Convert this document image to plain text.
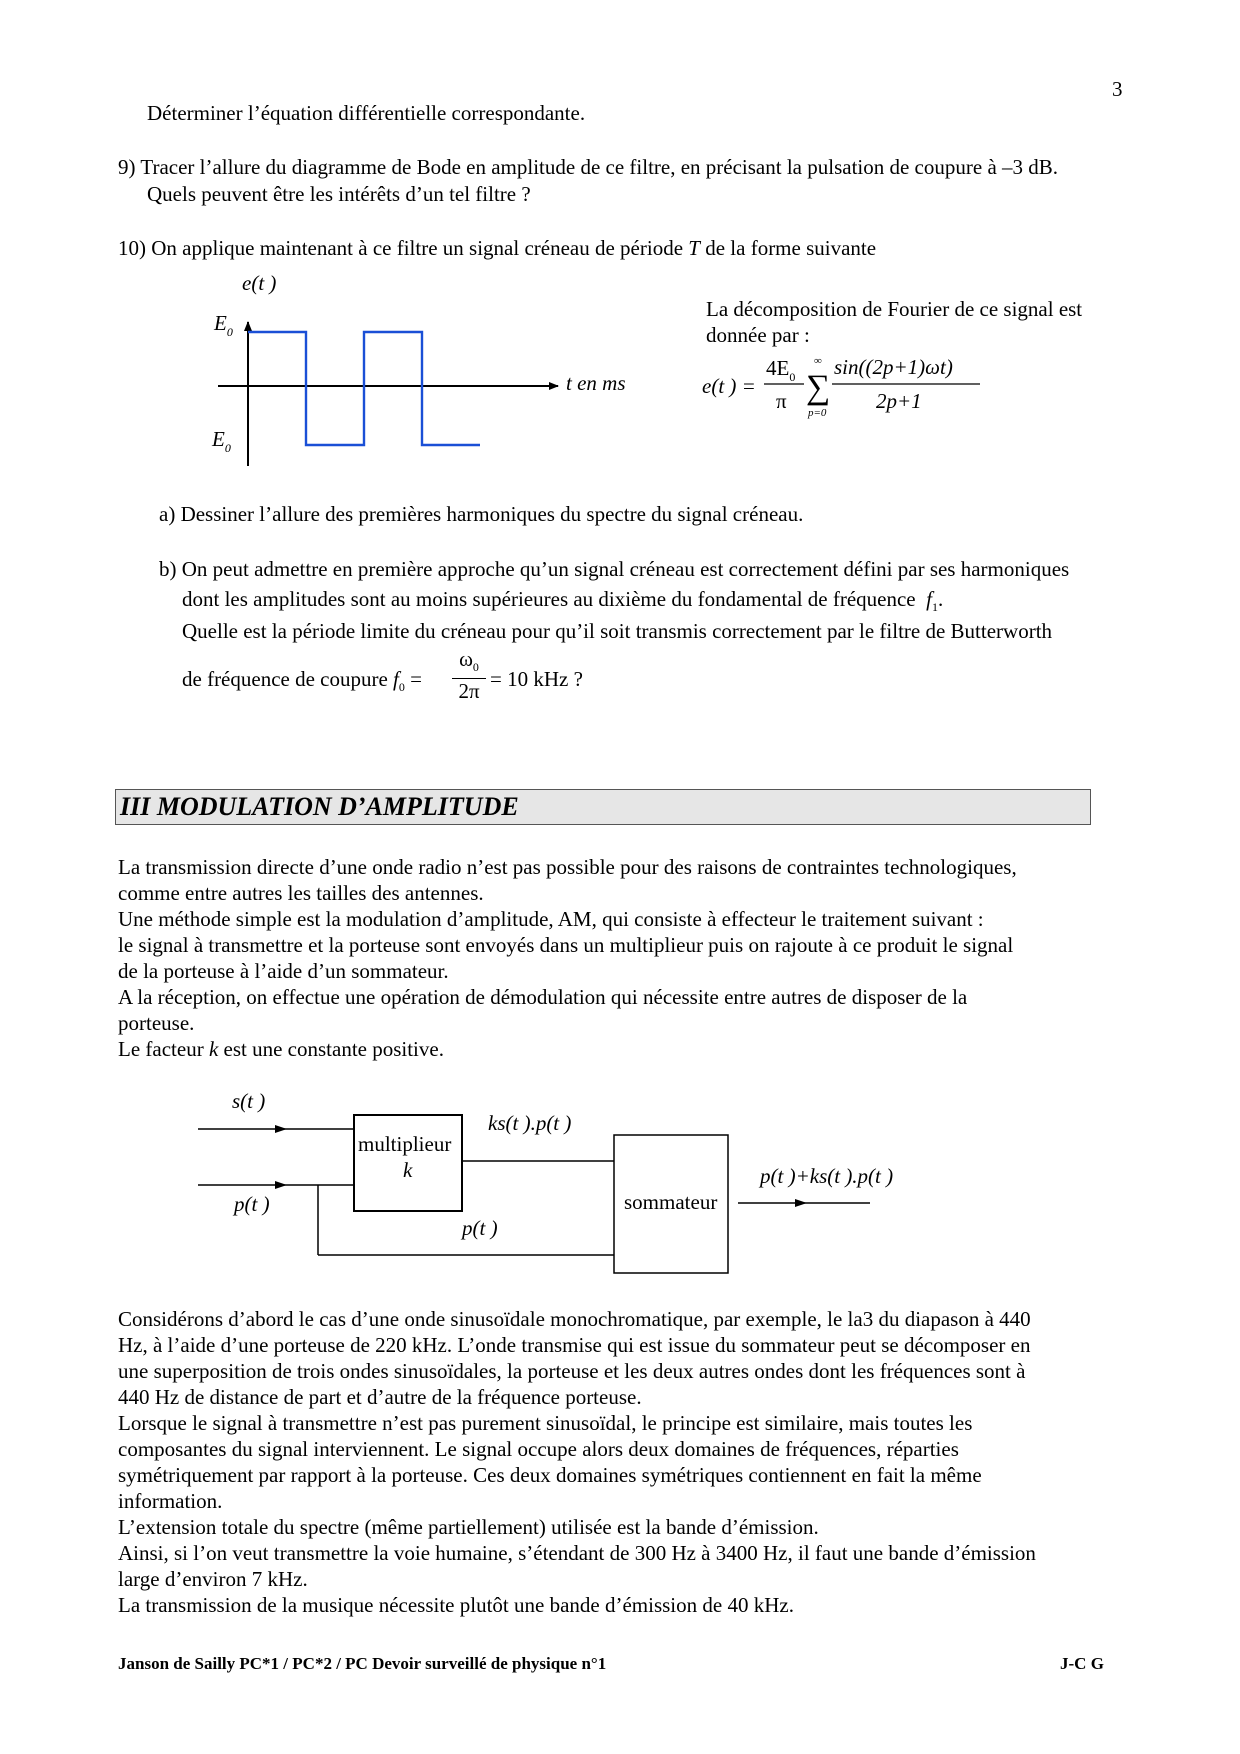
3
Déterminer l’équation différentielle correspondante.
9) Tracer l’allure du diagramme de Bode en amplitude de ce filtre, en précisant la pulsation de coupure à –3 dB.
Quels peuvent être les intérêts d’un tel filtre ?
10) On applique maintenant à ce filtre un signal créneau de période T de la forme suivante
e(t )
$E_0$
$E_0$
t en ms
La décomposition de Fourier de ce signal est
donnée par :
e(t ) =
$4E_0$
π
∞
∑
p=0
sin((2p+1)ωt)
2p+1
a) Dessiner l’allure des premières harmoniques du spectre du signal créneau.
b) On peut admettre en première approche qu’un signal créneau est correctement défini par ses harmoniques
dont les amplitudes sont au moins supérieures au dixième du fondamental de fréquence $f_1$.
Quelle est la période limite du créneau pour qu’il soit transmis correctement par le filtre de Butterworth
de fréquence de coupure $f_0$ =
$\omega_0$
2π
= 10 kHz ?
III MODULATION D’AMPLITUDE

La transmission directe d’une onde radio n’est pas possible pour des raisons de contraintes technologiques,

comme entre autres les tailles des antennes.

Une méthode simple est la modulation d’amplitude, AM, qui consiste à effecteur le traitement suivant :

le signal à transmettre et la porteuse sont envoyés dans un multiplieur puis on rajoute à ce produit le signal

de la porteuse à l’aide d’un sommateur.

A la réception, on effectue une opération de démodulation qui nécessite entre autres de disposer de la

porteuse.

Le facteur k est une constante positive.

s(t )
p(t )
multiplieur
k
ks(t ).p(t )
p(t )
sommateur
p(t )+ks(t ).p(t )

Considérons d’abord le cas d’une onde sinusoïdale monochromatique, par exemple, le la3 du diapason à 440

Hz, à l’aide d’une porteuse de 220 kHz. L’onde transmise qui est issue du sommateur peut se décomposer en

une superposition de trois ondes sinusoïdales, la porteuse et les deux autres ondes dont les fréquences sont à

440 Hz de distance de part et d’autre de la fréquence porteuse.

Lorsque le signal à transmettre n’est pas purement sinusoïdal, le principe est similaire, mais toutes les

composantes du signal interviennent. Le signal occupe alors deux domaines de fréquences, réparties

symétriquement par rapport à la porteuse. Ces deux domaines symétriques contiennent en fait la même

information.

L’extension totale du spectre (même partiellement) utilisée est la bande d’émission.

Ainsi, si l’on veut transmettre la voie humaine, s’étendant de 300 Hz à 3400 Hz, il faut une bande d’émission

large d’environ 7 kHz.

La transmission de la musique nécessite plutôt une bande d’émission de 40 kHz.

Janson de Sailly PC*1 / PC*2 / PC Devoir surveillé de physique n°1	J-C G
